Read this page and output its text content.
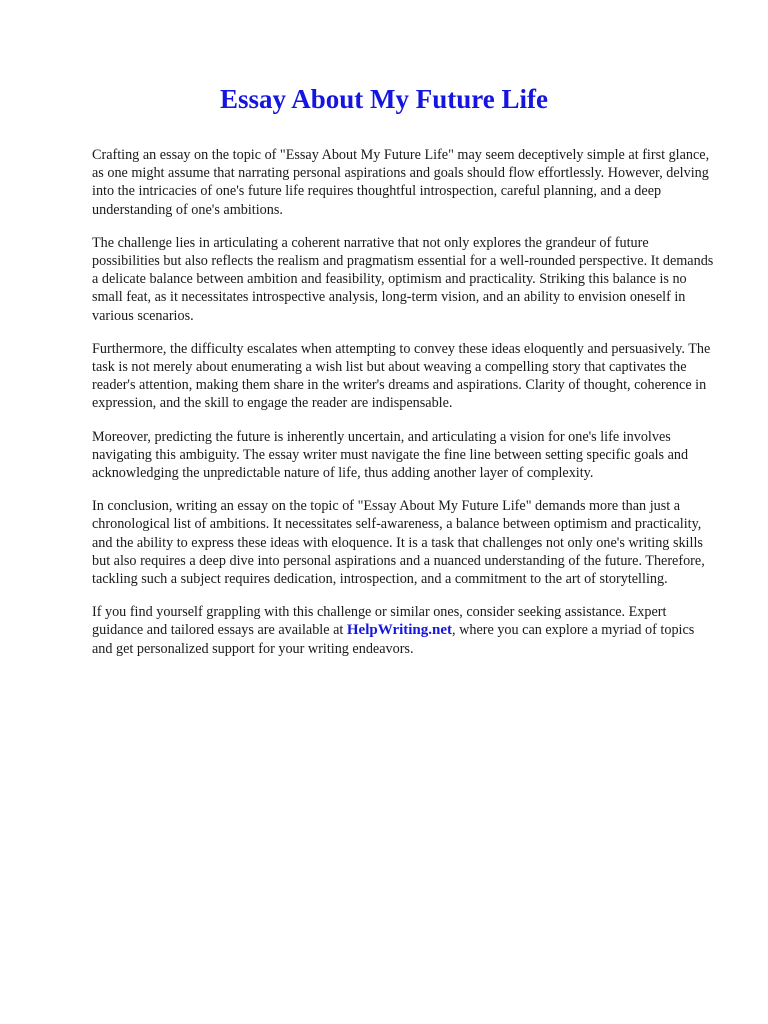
Essay About My Future Life

Crafting an essay on the topic of "Essay About My Future Life" may seem deceptively simple at first glance, as one might assume that narrating personal aspirations and goals should flow effortlessly. However, delving into the intricacies of one's future life requires thoughtful introspection, careful planning, and a deep understanding of one's ambitions.

The challenge lies in articulating a coherent narrative that not only explores the grandeur of future possibilities but also reflects the realism and pragmatism essential for a well-rounded perspective. It demands a delicate balance between ambition and feasibility, optimism and practicality. Striking this balance is no small feat, as it necessitates introspective analysis, long-term vision, and an ability to envision oneself in various scenarios.

Furthermore, the difficulty escalates when attempting to convey these ideas eloquently and persuasively. The task is not merely about enumerating a wish list but about weaving a compelling story that captivates the reader's attention, making them share in the writer's dreams and aspirations. Clarity of thought, coherence in expression, and the skill to engage the reader are indispensable.

Moreover, predicting the future is inherently uncertain, and articulating a vision for one's life involves navigating this ambiguity. The essay writer must navigate the fine line between setting specific goals and acknowledging the unpredictable nature of life, thus adding another layer of complexity.

In conclusion, writing an essay on the topic of "Essay About My Future Life" demands more than just a chronological list of ambitions. It necessitates self-awareness, a balance between optimism and practicality, and the ability to express these ideas with eloquence. It is a task that challenges not only one's writing skills but also requires a deep dive into personal aspirations and a nuanced understanding of the future. Therefore, tackling such a subject requires dedication, introspection, and a commitment to the art of storytelling.

If you find yourself grappling with this challenge or similar ones, consider seeking assistance. Expert guidance and tailored essays are available at HelpWriting.net, where you can explore a myriad of topics and get personalized support for your writing endeavors.
